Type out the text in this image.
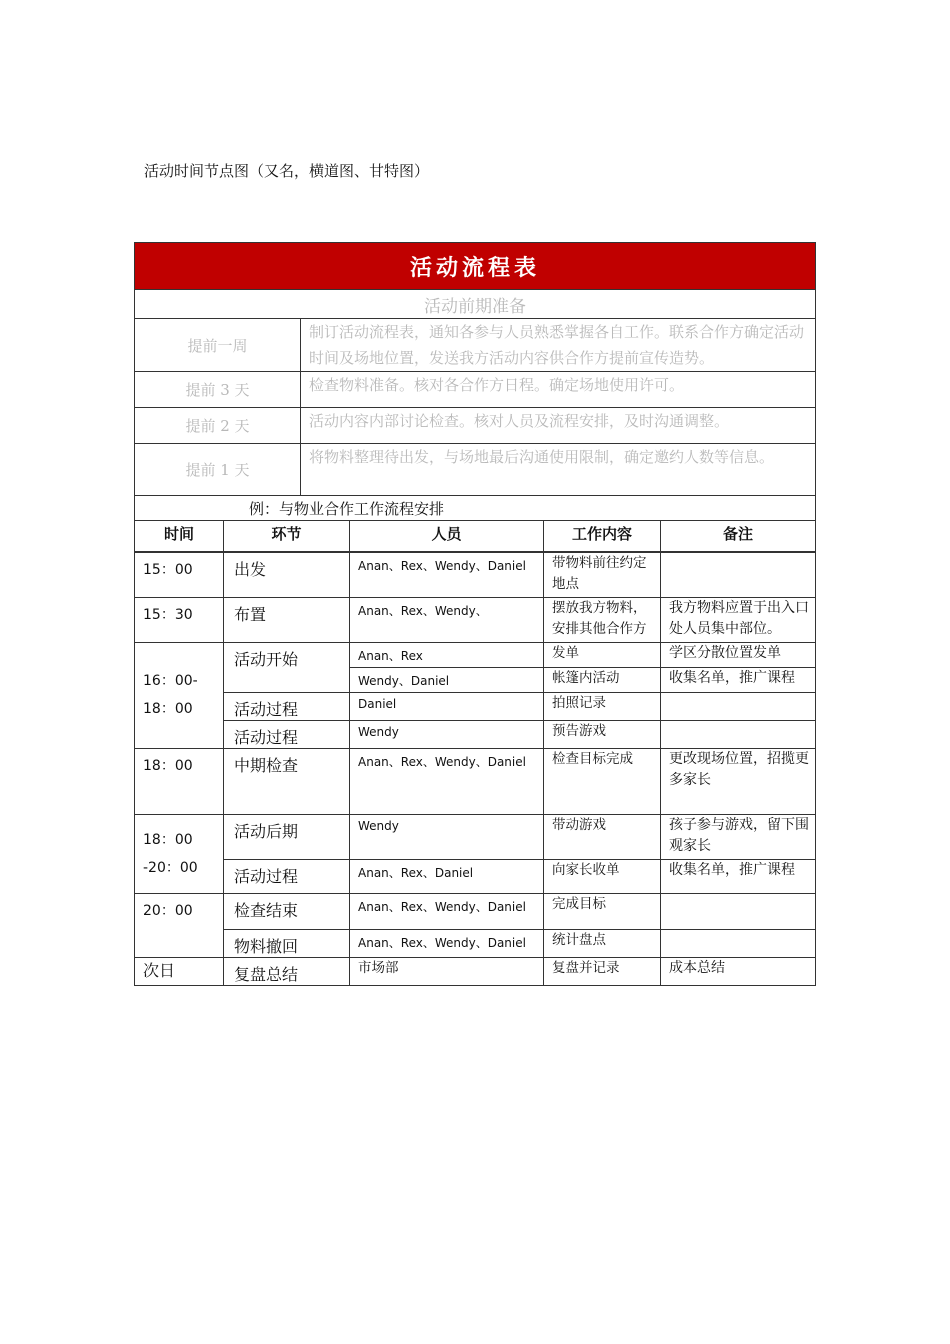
活动时间节点图（又名，横道图、甘特图）
活动流程表					
活动前期准备					
提前一周		制订活动流程表，通知各参与人员熟悉掌握各自工作。联系合作方确定活动时间及场地位置，发送我方活动内容供合作方提前宣传造势。			
提前 3 天		检查物料准备。核对各合作方日程。确定场地使用许可。			
提前 2 天		活动内容内部讨论检查。核对人员及流程安排，及时沟通调整。			
提前 1 天		将物料整理待出发，与场地最后沟通使用限制，确定邀约人数等信息。			
例：与物业合作工作流程安排					
时间	环节		人员	工作内容	备注
15：00	出发		Anan、Rex、Wendy、Daniel	带物料前往约定地点	
15：30	布置		Anan、Rex、Wendy、	摆放我方物料，安排其他合作方	我方物料应置于出入口处人员集中部位。
16：00-18：00	活动开始		Anan、Rex	发单	学区分散位置发单
			Wendy、Daniel	帐篷内活动	收集名单，推广课程
	活动过程		Daniel	拍照记录	
	活动过程		Wendy	预告游戏	
18：00	中期检查		Anan、Rex、Wendy、Daniel	检查目标完成	更改现场位置，招揽更多家长
18：00 -20：00	活动后期		Wendy	带动游戏	孩子参与游戏，留下围观家长
	活动过程		Anan、Rex、Daniel	向家长收单	收集名单，推广课程
20：00	检查结束		Anan、Rex、Wendy、Daniel	完成目标	
	物料撤回		Anan、Rex、Wendy、Daniel	统计盘点	
次日	复盘总结		市场部	复盘并记录	成本总结
